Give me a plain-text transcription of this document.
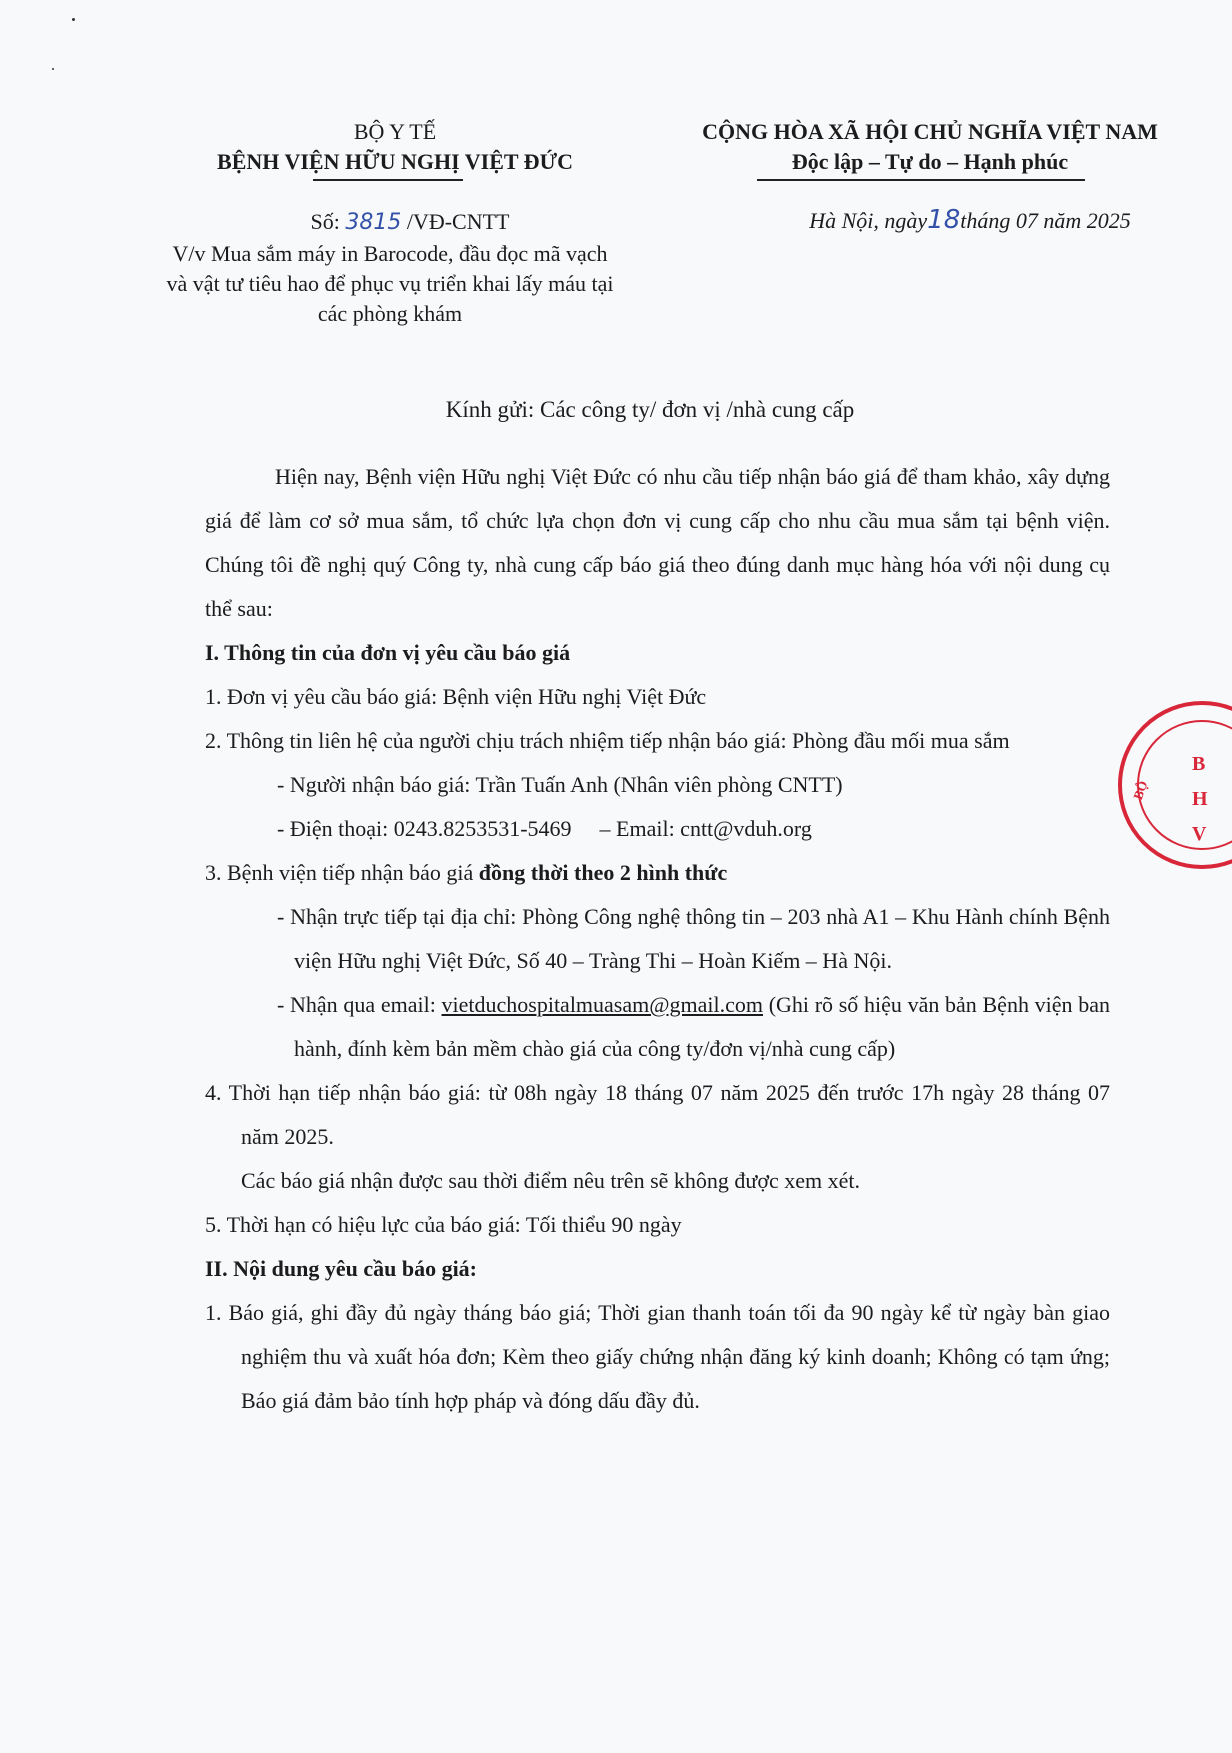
BỘ Y TẾ
BỆNH VIỆN HỮU NGHỊ VIỆT ĐỨC
CỘNG HÒA XÃ HỘI CHỦ NGHĨA VIỆT NAM
Độc lập – Tự do – Hạnh phúc
Số: 3815 /VĐ-CNTT
V/v Mua sắm máy in Barocode, đầu đọc mã vạch
và vật tư tiêu hao để phục vụ triển khai lấy máu tại
các phòng khám
Hà Nội, ngày18tháng 07 năm 2025
Kính gửi: Các công ty/ đơn vị /nhà cung cấp

Hiện nay, Bệnh viện Hữu nghị Việt Đức có nhu cầu tiếp nhận báo giá để tham khảo, xây dựng giá để làm cơ sở mua sắm, tổ chức lựa chọn đơn vị cung cấp cho nhu cầu mua sắm tại bệnh viện. Chúng tôi đề nghị quý Công ty, nhà cung cấp báo giá theo đúng danh mục hàng hóa với nội dung cụ thể sau:

I. Thông tin của đơn vị yêu cầu báo giá

1. Đơn vị yêu cầu báo giá: Bệnh viện Hữu nghị Việt Đức

2. Thông tin liên hệ của người chịu trách nhiệm tiếp nhận báo giá: Phòng đầu mối mua sắm

- Người nhận báo giá: Trần Tuấn Anh (Nhân viên phòng CNTT)

- Điện thoại: 0243.8253531-5469 – Email: cntt@vduh.org

3. Bệnh viện tiếp nhận báo giá đồng thời theo 2 hình thức

- Nhận trực tiếp tại địa chỉ: Phòng Công nghệ thông tin – 203 nhà A1 – Khu Hành chính Bệnh viện Hữu nghị Việt Đức, Số 40 – Tràng Thi – Hoàn Kiếm – Hà Nội.

- Nhận qua email: vietduchospitalmuasam@gmail.com (Ghi rõ số hiệu văn bản Bệnh viện ban hành, đính kèm bản mềm chào giá của công ty/đơn vị/nhà cung cấp)

4. Thời hạn tiếp nhận báo giá: từ 08h ngày 18 tháng 07 năm 2025 đến trước 17h ngày 28 tháng 07 năm 2025.

Các báo giá nhận được sau thời điểm nêu trên sẽ không được xem xét.

5. Thời hạn có hiệu lực của báo giá: Tối thiểu 90 ngày

II. Nội dung yêu cầu báo giá:

1. Báo giá, ghi đầy đủ ngày tháng báo giá; Thời gian thanh toán tối đa 90 ngày kể từ ngày bàn giao nghiệm thu và xuất hóa đơn; Kèm theo giấy chứng nhận đăng ký kinh doanh; Không có tạm ứng; Báo giá đảm bảo tính hợp pháp và đóng dấu đầy đủ.

B
H
V
BỘ
